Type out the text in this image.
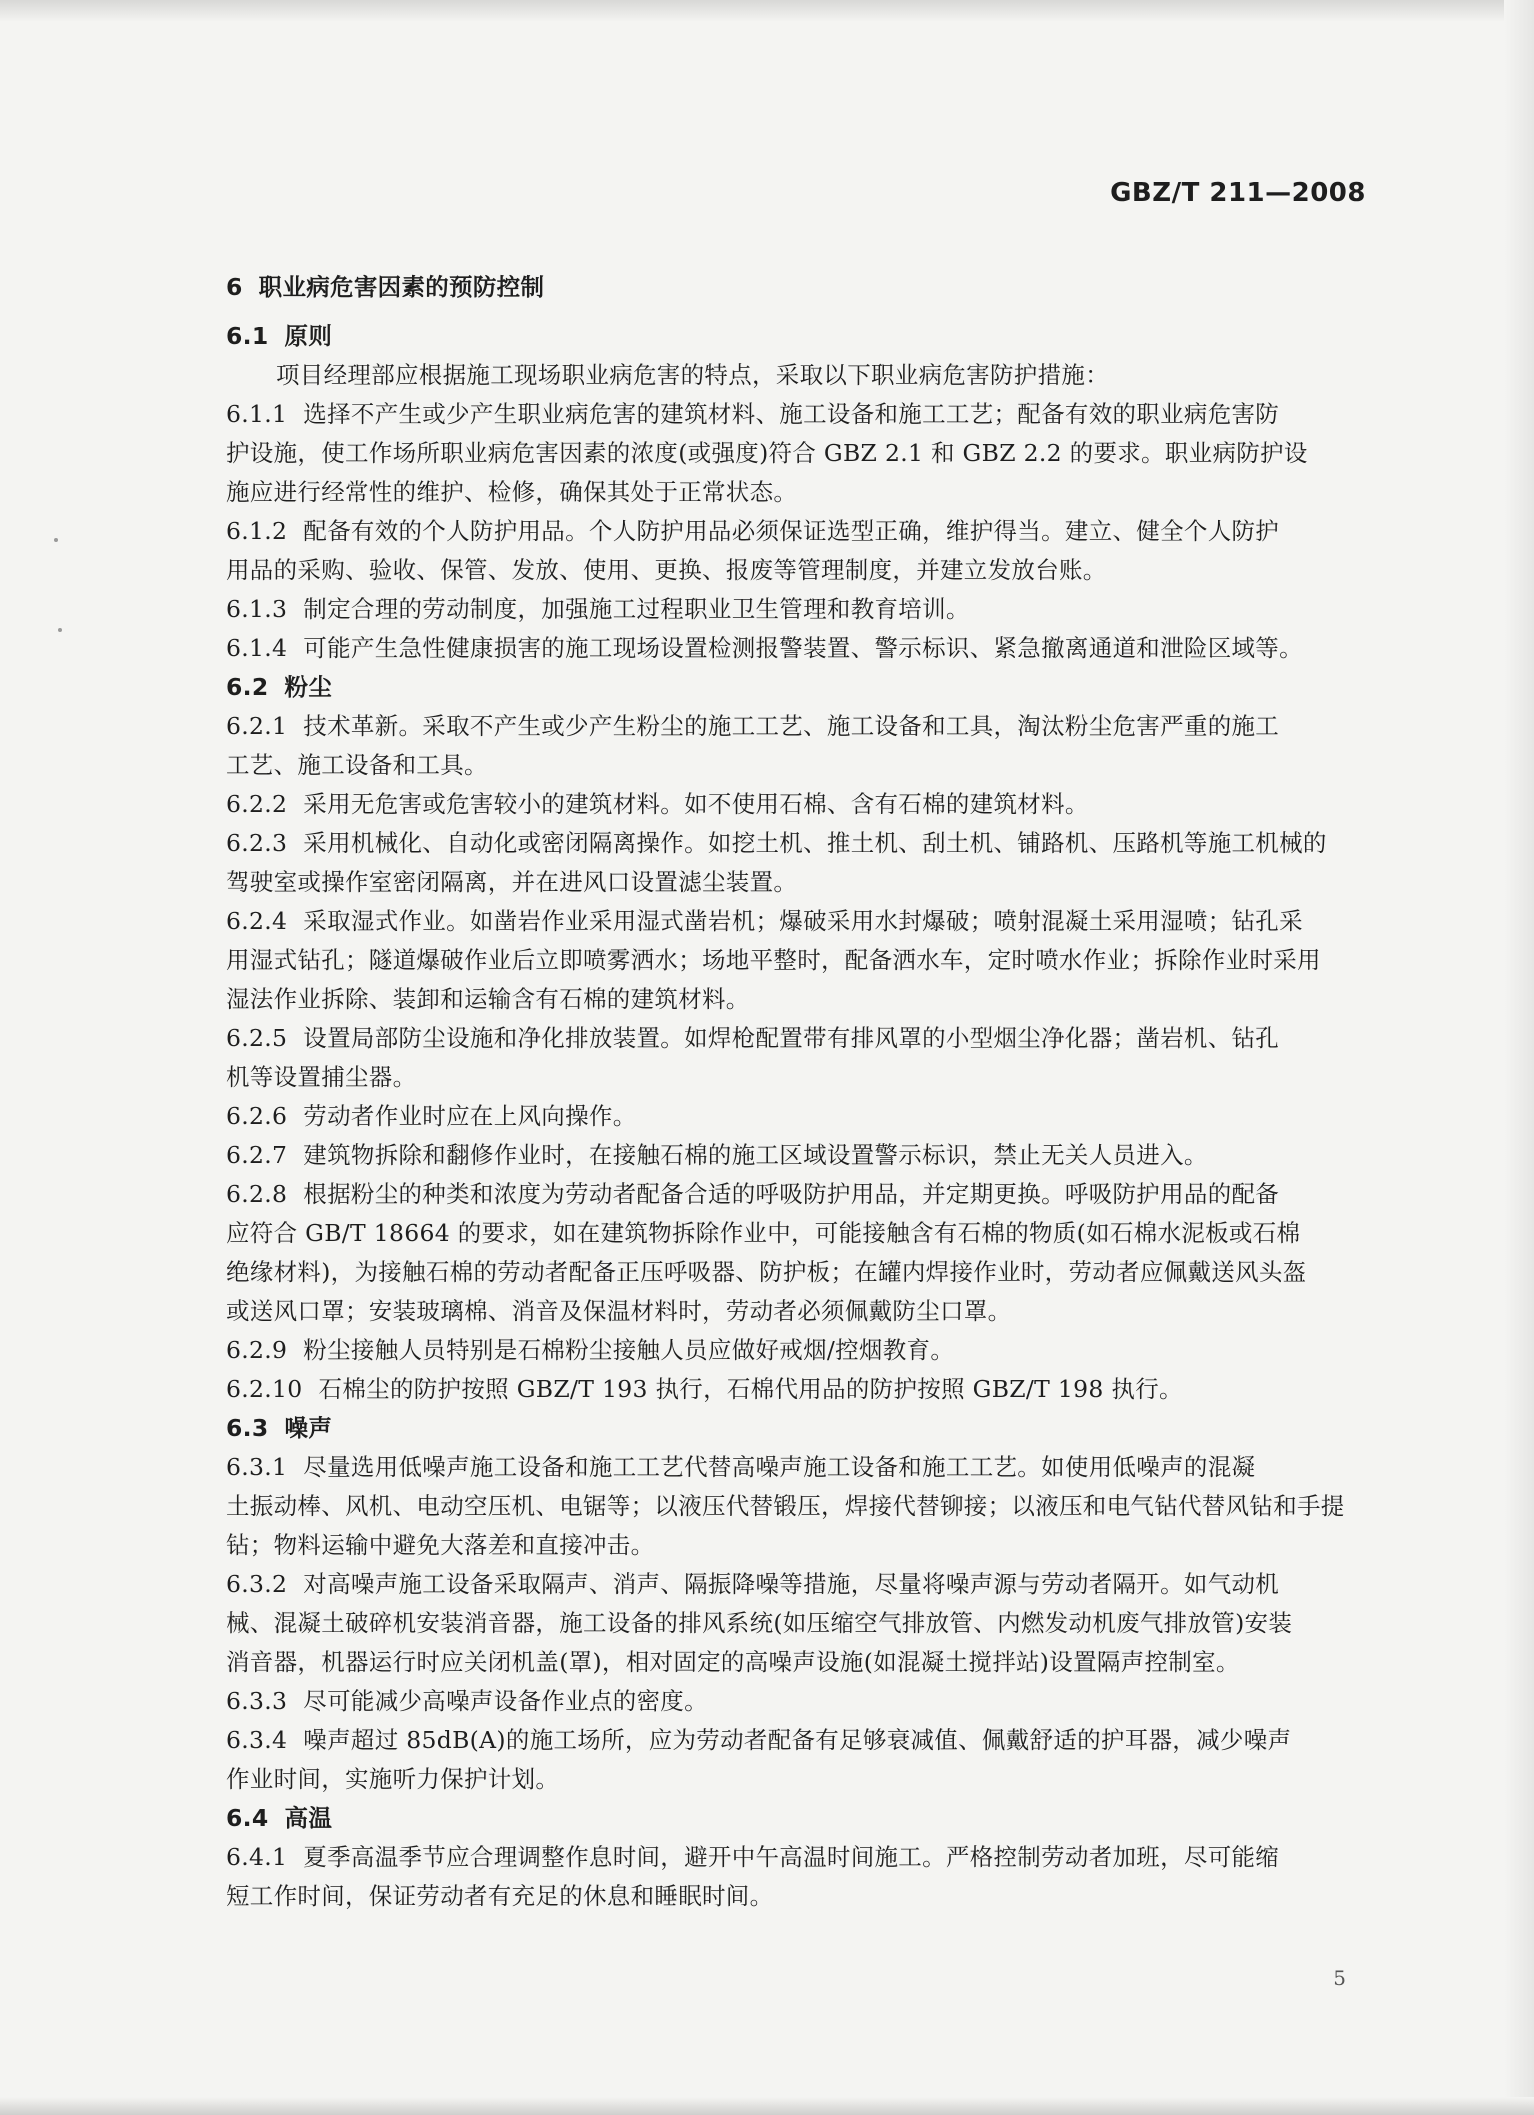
GBZ/T 211—2008
6 职业病危害因素的预防控制
6.1 原则
项目经理部应根据施工现场职业病危害的特点，采取以下职业病危害防护措施：
6.1.1 选择不产生或少产生职业病危害的建筑材料、施工设备和施工工艺；配备有效的职业病危害防
护设施，使工作场所职业病危害因素的浓度(或强度)符合 GBZ 2.1 和 GBZ 2.2 的要求。职业病防护设
施应进行经常性的维护、检修，确保其处于正常状态。
6.1.2 配备有效的个人防护用品。个人防护用品必须保证选型正确，维护得当。建立、健全个人防护
用品的采购、验收、保管、发放、使用、更换、报废等管理制度，并建立发放台账。
6.1.3 制定合理的劳动制度，加强施工过程职业卫生管理和教育培训。
6.1.4 可能产生急性健康损害的施工现场设置检测报警装置、警示标识、紧急撤离通道和泄险区域等。
6.2 粉尘
6.2.1 技术革新。采取不产生或少产生粉尘的施工工艺、施工设备和工具，淘汰粉尘危害严重的施工
工艺、施工设备和工具。
6.2.2 采用无危害或危害较小的建筑材料。如不使用石棉、含有石棉的建筑材料。
6.2.3 采用机械化、自动化或密闭隔离操作。如挖土机、推土机、刮土机、铺路机、压路机等施工机械的
驾驶室或操作室密闭隔离，并在进风口设置滤尘装置。
6.2.4 采取湿式作业。如凿岩作业采用湿式凿岩机；爆破采用水封爆破；喷射混凝土采用湿喷；钻孔采
用湿式钻孔；隧道爆破作业后立即喷雾洒水；场地平整时，配备洒水车，定时喷水作业；拆除作业时采用
湿法作业拆除、装卸和运输含有石棉的建筑材料。
6.2.5 设置局部防尘设施和净化排放装置。如焊枪配置带有排风罩的小型烟尘净化器；凿岩机、钻孔
机等设置捕尘器。
6.2.6 劳动者作业时应在上风向操作。
6.2.7 建筑物拆除和翻修作业时，在接触石棉的施工区域设置警示标识，禁止无关人员进入。
6.2.8 根据粉尘的种类和浓度为劳动者配备合适的呼吸防护用品，并定期更换。呼吸防护用品的配备
应符合 GB/T 18664 的要求，如在建筑物拆除作业中，可能接触含有石棉的物质(如石棉水泥板或石棉
绝缘材料)，为接触石棉的劳动者配备正压呼吸器、防护板；在罐内焊接作业时，劳动者应佩戴送风头盔
或送风口罩；安装玻璃棉、消音及保温材料时，劳动者必须佩戴防尘口罩。
6.2.9 粉尘接触人员特别是石棉粉尘接触人员应做好戒烟/控烟教育。
6.2.10 石棉尘的防护按照 GBZ/T 193 执行，石棉代用品的防护按照 GBZ/T 198 执行。
6.3 噪声
6.3.1 尽量选用低噪声施工设备和施工工艺代替高噪声施工设备和施工工艺。如使用低噪声的混凝
土振动棒、风机、电动空压机、电锯等；以液压代替锻压，焊接代替铆接；以液压和电气钻代替风钻和手提
钻；物料运输中避免大落差和直接冲击。
6.3.2 对高噪声施工设备采取隔声、消声、隔振降噪等措施，尽量将噪声源与劳动者隔开。如气动机
械、混凝土破碎机安装消音器，施工设备的排风系统(如压缩空气排放管、内燃发动机废气排放管)安装
消音器，机器运行时应关闭机盖(罩)，相对固定的高噪声设施(如混凝土搅拌站)设置隔声控制室。
6.3.3 尽可能减少高噪声设备作业点的密度。
6.3.4 噪声超过 85dB(A)的施工场所，应为劳动者配备有足够衰减值、佩戴舒适的护耳器，减少噪声
作业时间，实施听力保护计划。
6.4 高温
6.4.1 夏季高温季节应合理调整作息时间，避开中午高温时间施工。严格控制劳动者加班，尽可能缩
短工作时间，保证劳动者有充足的休息和睡眠时间。
5
